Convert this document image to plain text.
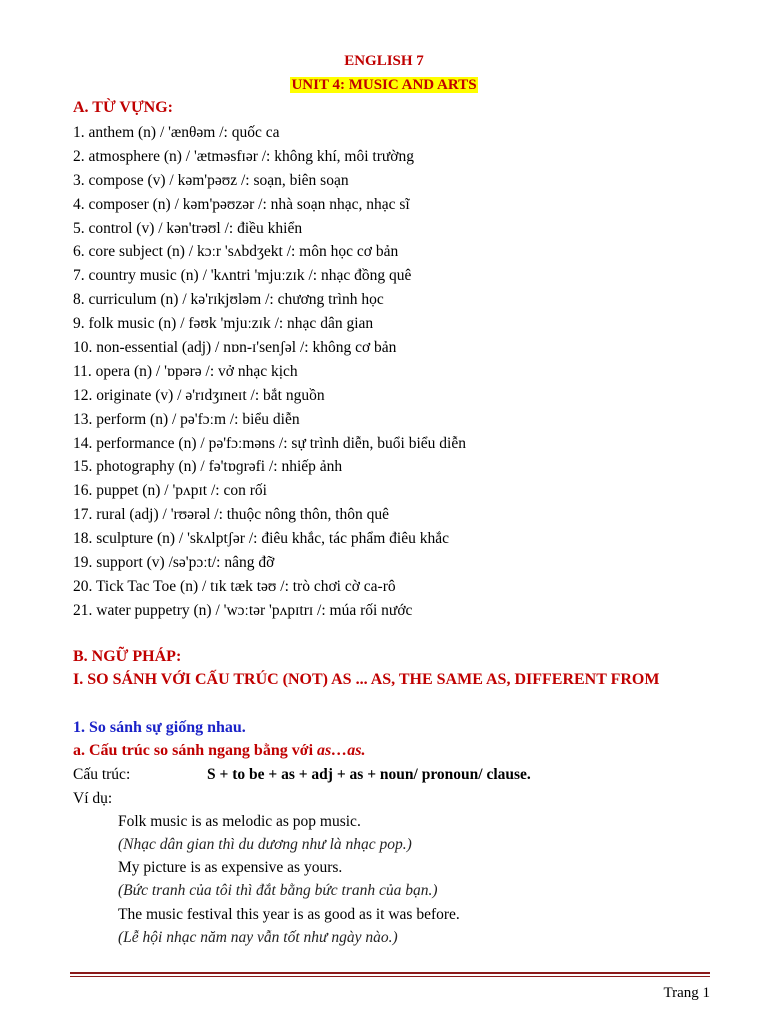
ENGLISH 7
UNIT 4: MUSIC AND ARTS
A. TỪ VỰNG:
1. anthem (n) / 'ænθəm /: quốc ca
2. atmosphere (n) / 'ætməsfɪər /: không khí, môi trường
3. compose (v) / kəm'pəʊz /: soạn, biên soạn
4. composer (n) / kəm'pəʊzər /: nhà soạn nhạc, nhạc sĩ
5. control (v) / kən'trəʊl /: điều khiển
6. core subject (n) / kɔːr 'sʌbdʒekt /: môn học cơ bản
7. country music (n) / 'kʌntri 'mjuːzɪk /: nhạc đồng quê
8. curriculum (n) / kə'rɪkjʊləm /: chương trình học
9. folk music (n) / fəʊk 'mjuːzɪk /: nhạc dân gian
10. non-essential (adj) / nɒn-ɪ'senʃəl /: không cơ bản
11. opera (n) / 'ɒpərə /: vở nhạc kịch
12. originate (v) / ə'rɪdʒɪneɪt /: bắt nguồn
13. perform (n) / pə'fɔːm /: biểu diễn
14. performance (n) / pə'fɔːməns /: sự trình diễn, buổi biểu diễn
15. photography (n) / fə'tɒɡrəfi /: nhiếp ảnh
16. puppet (n) / 'pʌpɪt /: con rối
17. rural (adj) / 'rʊərəl /: thuộc nông thôn, thôn quê
18. sculpture (n) / 'skʌlptʃər /: điêu khắc, tác phẩm điêu khắc
19. support (v) /sə'pɔːt/: nâng đỡ
20. Tick Tac Toe (n) / tɪk tæk təʊ /: trò chơi cờ ca-rô
21. water puppetry (n) / 'wɔːtər 'pʌpɪtrɪ /: múa rối nước
B. NGỮ PHÁP:
I. SO SÁNH VỚI CẤU TRÚC (NOT) AS ... AS, THE SAME AS, DIFFERENT FROM
1. So sánh sự giống nhau.
a. Cấu trúc so sánh ngang bằng với as…as.
Cấu trúc:	S + to be + as + adj + as + noun/ pronoun/ clause.
Ví dụ:
Folk music is as melodic as pop music.
(Nhạc dân gian thì du dương như là nhạc pop.)
My picture is as expensive as yours.
(Bức tranh của tôi thì đắt bằng bức tranh của bạn.)
The music festival this year is as good as it was before.
(Lễ hội nhạc năm nay vẫn tốt như ngày nào.)
Trang 1
